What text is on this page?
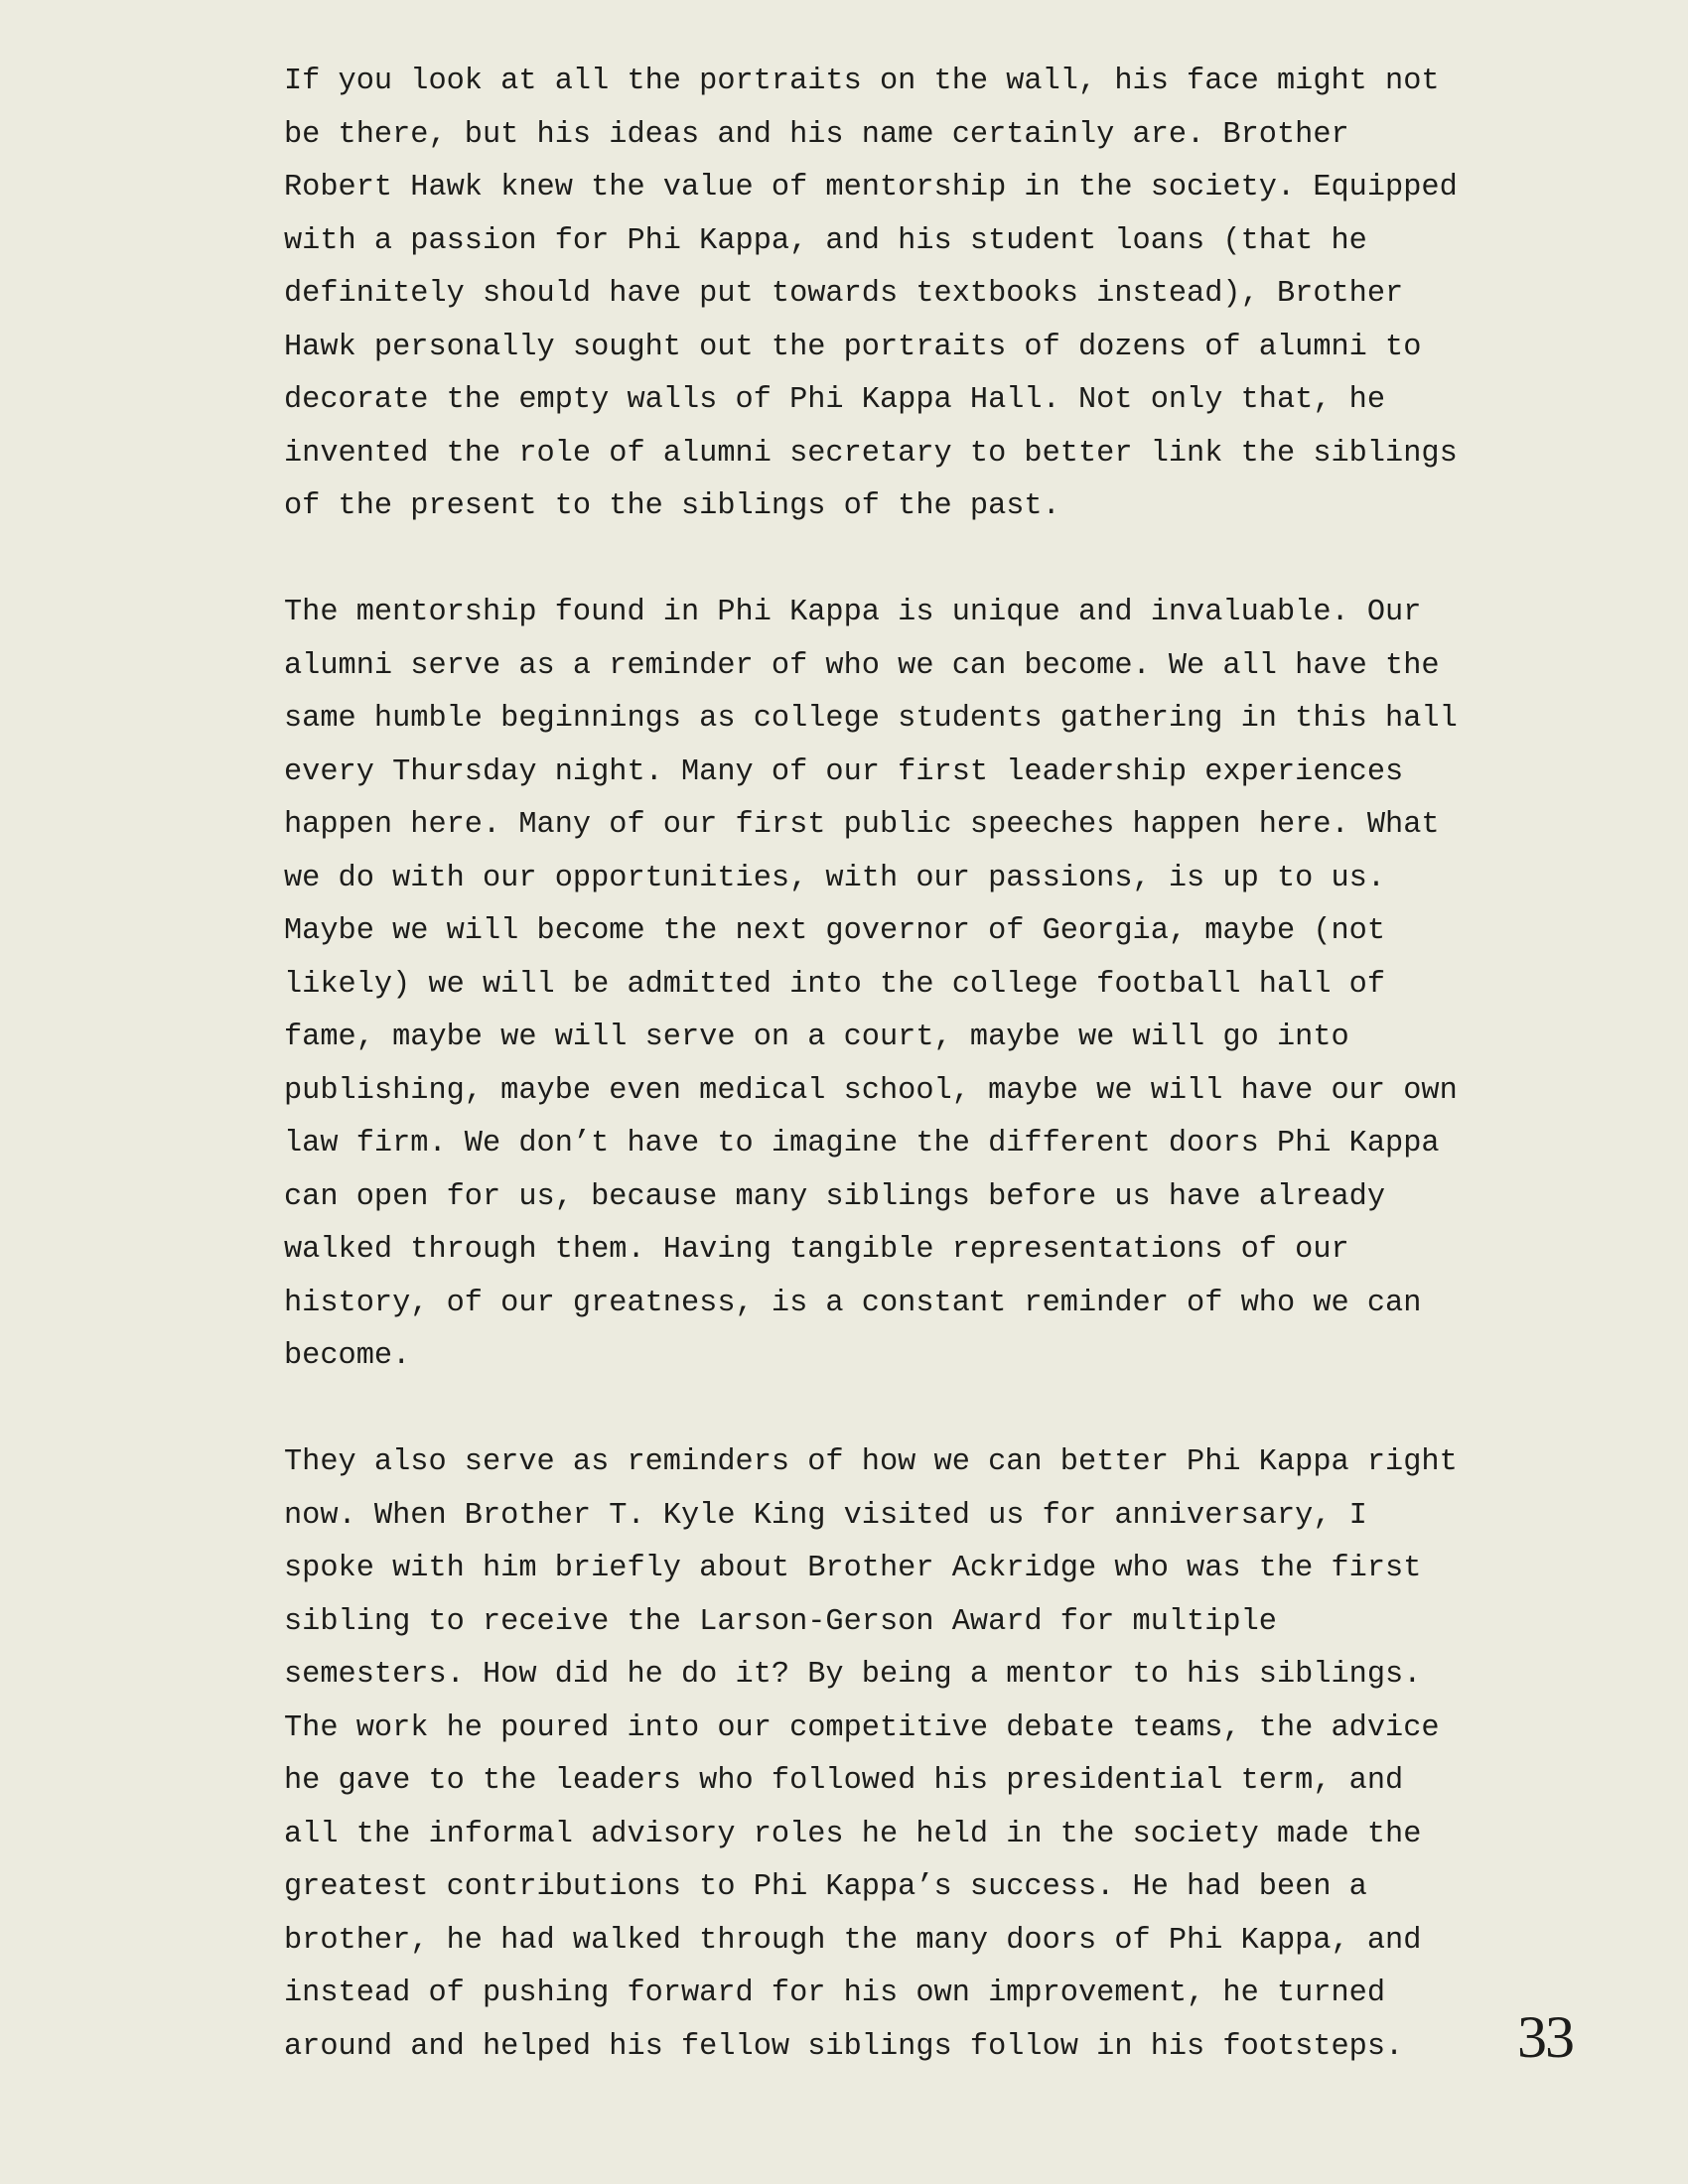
If you look at all the portraits on the wall, his face might not
be there, but his ideas and his name certainly are. Brother
Robert Hawk knew the value of mentorship in the society. Equipped
with a passion for Phi Kappa, and his student loans (that he
definitely should have put towards textbooks instead), Brother
Hawk personally sought out the portraits of dozens of alumni to
decorate the empty walls of Phi Kappa Hall. Not only that, he
invented the role of alumni secretary to better link the siblings
of the present to the siblings of the past.

The mentorship found in Phi Kappa is unique and invaluable. Our
alumni serve as a reminder of who we can become. We all have the
same humble beginnings as college students gathering in this hall
every Thursday night. Many of our first leadership experiences
happen here. Many of our first public speeches happen here. What
we do with our opportunities, with our passions, is up to us.
Maybe we will become the next governor of Georgia, maybe (not
likely) we will be admitted into the college football hall of
fame, maybe we will serve on a court, maybe we will go into
publishing, maybe even medical school, maybe we will have our own
law firm. We don’t have to imagine the different doors Phi Kappa
can open for us, because many siblings before us have already
walked through them. Having tangible representations of our
history, of our greatness, is a constant reminder of who we can
become.

They also serve as reminders of how we can better Phi Kappa right
now. When Brother T. Kyle King visited us for anniversary, I
spoke with him briefly about Brother Ackridge who was the first
sibling to receive the Larson-Gerson Award for multiple
semesters. How did he do it? By being a mentor to his siblings.
The work he poured into our competitive debate teams, the advice
he gave to the leaders who followed his presidential term, and
all the informal advisory roles he held in the society made the
greatest contributions to Phi Kappa’s success. He had been a
brother, he had walked through the many doors of Phi Kappa, and
instead of pushing forward for his own improvement, he turned
around and helped his fellow siblings follow in his footsteps. 33
